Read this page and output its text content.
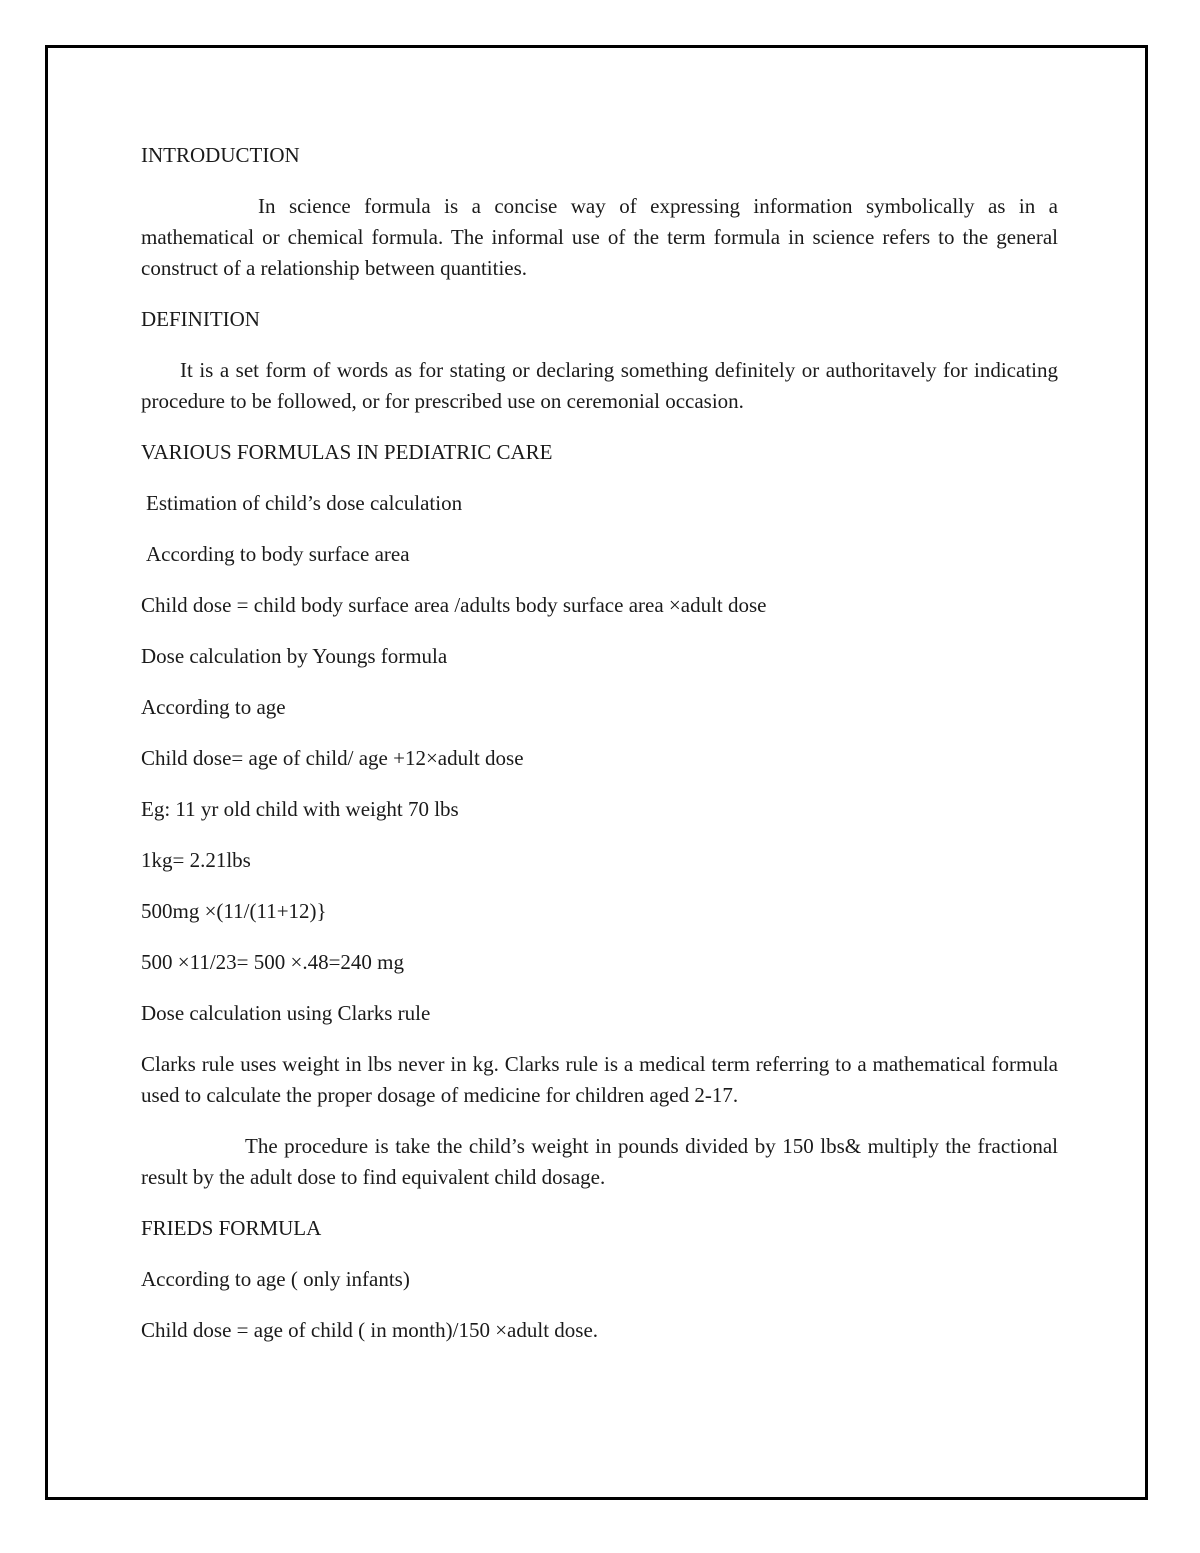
INTRODUCTION

In science formula is a concise way of expressing information symbolically as in a mathematical or chemical formula. The informal use of the term formula in science refers to the general construct of a relationship between quantities.

DEFINITION

It is a set form of words as for stating or declaring something definitely or authoritavely for indicating procedure to be followed, or for prescribed use on ceremonial occasion.

VARIOUS FORMULAS IN PEDIATRIC CARE

Estimation of child’s dose calculation

According to body surface area

Child dose = child body surface area /adults body surface area ×adult dose

Dose calculation by Youngs formula

According to age

Child dose= age of child/ age +12×adult dose

Eg: 11 yr old child with weight 70 lbs

1kg= 2.21lbs

500mg ×(11/(11+12)}

500 ×11/23= 500 ×.48=240 mg

Dose calculation using Clarks rule

Clarks rule uses weight in lbs never in kg. Clarks rule is a medical term referring to a mathematical formula used to calculate the proper dosage of medicine for children aged 2-17.

The procedure is take the child’s weight in pounds divided by 150 lbs& multiply the fractional result by the adult dose to find equivalent child dosage.

FRIEDS FORMULA

According to age ( only infants)

Child dose = age of child ( in month)/150 ×adult dose.
